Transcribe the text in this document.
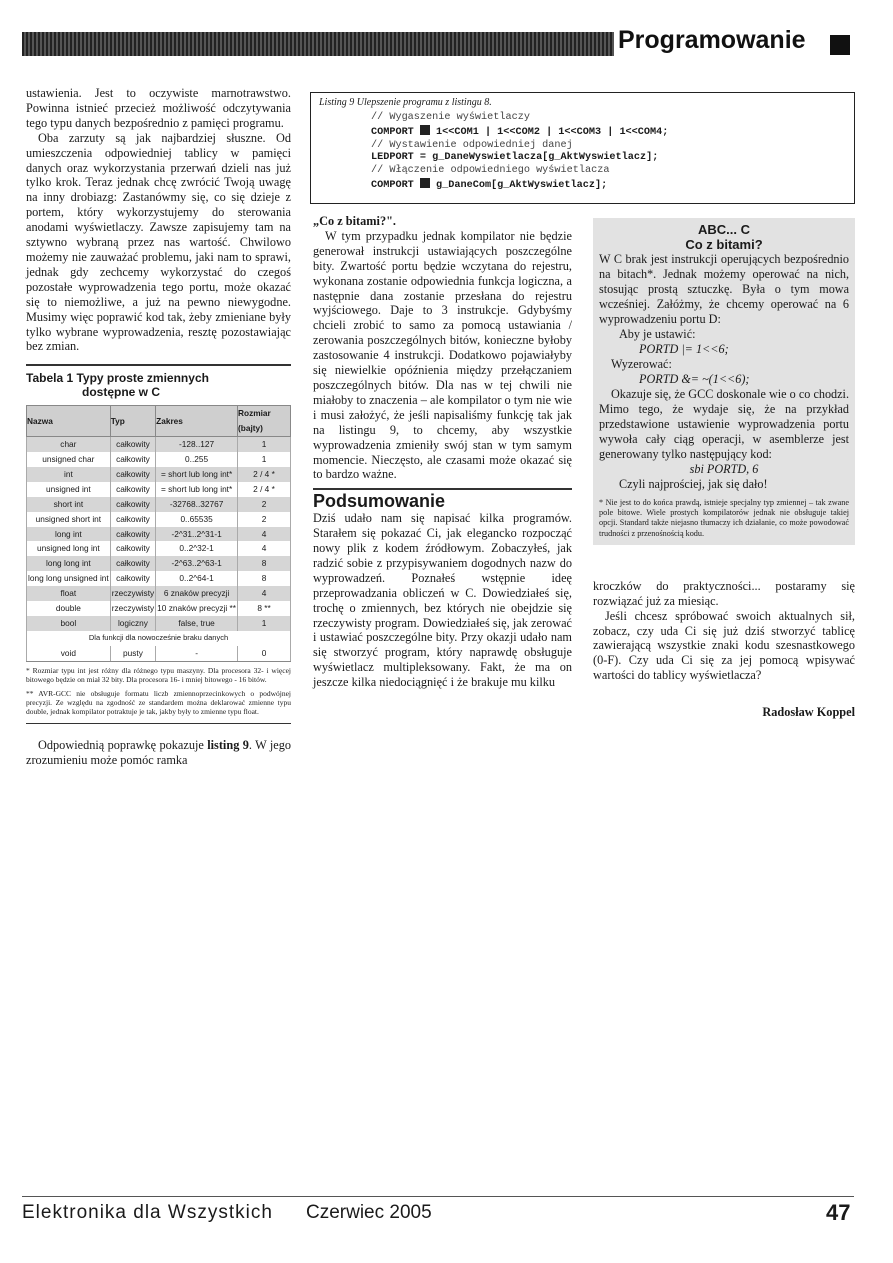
Programowanie

ustawienia. Jest to oczywiste marnotrawstwo. Powinna istnieć przecież możliwość odczytywania tego typu danych bezpośrednio z pamięci programu.

Oba zarzuty są jak najbardziej słuszne. Od umieszczenia odpowiedniej tablicy w pamięci danych oraz wykorzystania przerwań dzieli nas już tylko krok. Teraz jednak chcę zwrócić Twoją uwagę na inny drobiazg: Zastanówmy się, co się dzieje z portem, który wykorzystujemy do sterowania anodami wyświetlaczy. Zawsze zapisujemy tam na sztywno wybraną przez nas wartość. Chwilowo możemy nie zauważać problemu, jaki nam to sprawi, jednak gdy zechcemy wykorzystać do czegoś pozostałe wyprowadzenia tego portu, może okazać się to niemożliwe, a już na pewno niewygodne. Musimy więc poprawić kod tak, żeby zmieniane były tylko wybrane wyprowadzenia, resztę pozostawiając bez zmian.

Tabela 1 Typy proste zmiennych
dostępne w C
Nazwa	Typ	Zakres	Rozmiar (bajty)
char	całkowity	-128..127	1
unsigned char	całkowity	0..255	1
int	całkowity	= short lub long int*	2 / 4 *
unsigned int	całkowity	= short lub long int*	2 / 4 *
short int	całkowity	-32768..32767	2
unsigned short int	całkowity	0..65535	2
long int	całkowity	-2^31..2^31-1	4
unsigned long int	całkowity	0..2^32-1	4
long long int	całkowity	-2^63..2^63-1	8
long long unsigned int	całkowity	0..2^64-1	8
float	rzeczywisty	6 znaków precyzji	4
double	rzeczywisty	10 znaków precyzji **	8 **
bool	logiczny	false, true	1
Dla funkcji dla nowocześnie braku danych			
void	pusty	-	0
* Rozmiar typu int jest różny dla różnego typu maszyny. Dla procesora 32- i więcej bitowego będzie on miał 32 bity. Dla procesora 16- i mniej bitowego - 16 bitów.
** AVR-GCC nie obsługuje formatu liczb zmiennoprzecinkowych o podwójnej precyzji. Ze względu na zgodność ze standardem można deklarować zmienne typu double, jednak kompilator potraktuje je tak, jakby były to zmienne typu float.

Odpowiednią poprawkę pokazuje listing 9. W jego zrozumieniu może pomóc ramka

Listing 9 Ulepszenie programu z listingu 8.
// Wygaszenie wyświetlaczy
COMPORT  1<<COM1 | 1<<COM2 | 1<<COM3 | 1<<COM4;
// Wystawienie odpowiedniej danej
LEDPORT = g_DaneWyswietlacza[g_AktWyswietlacz];
// Włączenie odpowiedniego wyświetlacza
COMPORT  g_DaneCom[g_AktWyswietlacz];

„Co z bitami?".

W tym przypadku jednak kompilator nie będzie generował instrukcji ustawiających poszczególne bity. Zwartość portu będzie wczytana do rejestru, wykonana zostanie odpowiednia funkcja logiczna, a następnie dana zostanie przesłana do rejestru wyjściowego. Daje to 3 instrukcje. Gdybyśmy chcieli zrobić to samo za pomocą ustawiania / zerowania poszczególnych bitów, konieczne byłoby zastosowanie 4 instrukcji. Dodatkowo pojawiałyby się niewielkie opóźnienia między przełączaniem poszczególnych bitów. Dla nas w tej chwili nie miałoby to znaczenia – ale kompilator o tym nie wie i musi założyć, że jeśli napisaliśmy funkcję tak jak na listingu 9, to chcemy, aby wszystkie wyprowadzenia zmieniły swój stan w tym samym momencie. Nieczęsto, ale czasami może okazać się to bardzo ważne.

Podsumowanie

Dziś udało nam się napisać kilka programów. Starałem się pokazać Ci, jak elegancko rozpocząć nowy plik z kodem źródłowym. Zobaczyłeś, jak radzić sobie z przypisywaniem dogodnych nazw do wyprowadzeń. Poznałeś wstępnie ideę przeprowadzania obliczeń w C. Dowiedziałeś się, trochę o zmiennych, bez których nie obejdzie się rzeczywisty program. Dowiedziałeś się, jak zerować i ustawiać poszczególne bity. Przy okazji udało nam się stworzyć program, który naprawdę obsługuje wyświetlacz multipleksowany. Fakt, że ma on jeszcze kilka niedociągnięć i że brakuje mu kilku

ABC... C
Co z bitami?

W C brak jest instrukcji operujących bezpośrednio na bitach*. Jednak możemy operować na nich, stosując prostą sztuczkę. Była o tym mowa wcześniej. Załóżmy, że chcemy operować na 6 wyprowadzeniu portu D:

Aby je ustawić:

PORTD |= 1<<6;

Wyzerować:

PORTD &= ~(1<<6);

Okazuje się, że GCC doskonale wie o co chodzi. Mimo tego, że wydaje się, że na przykład przedstawione ustawienie wyprowadzenia portu wywoła cały ciąg operacji, w asemblerze jest generowany tylko następujący kod:

sbi PORTD, 6

Czyli najprościej, jak się dało!

* Nie jest to do końca prawdą, istnieje specjalny typ zmiennej – tak zwane pole bitowe. Wiele prostych kompilatorów jednak nie obsługuje takiej opcji. Standard także niejasno tłumaczy ich działanie, co może powodować trudności z przenośnością kodu.

kroczków do praktyczności... postaramy się rozwiązać już za miesiąc.

Jeśli chcesz spróbować swoich aktualnych sił, zobacz, czy uda Ci się już dziś stworzyć tablicę zawierającą wszystkie znaki kodu szesnastkowego (0-F). Czy uda Ci się za jej pomocą wpisywać wartości do tablicy wyświetlacza?

Radosław Koppel
Elektronika dla Wszystkich Czerwiec 2005	47
